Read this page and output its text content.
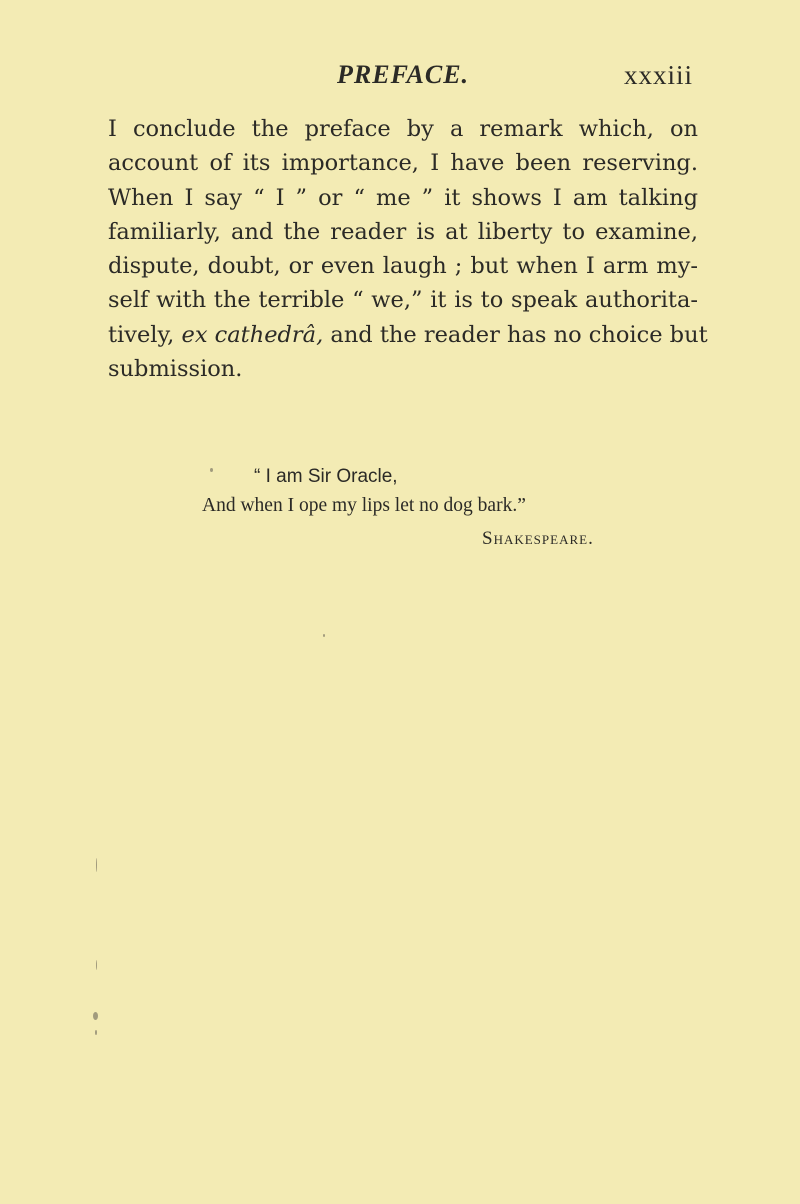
PREFACE.	xxxiii

I conclude the preface by a remark which, on
account of its importance, I have been reserving.
When I say “ I ” or “ me ” it shows I am talking
familiarly, and the reader is at liberty to examine,
dispute, doubt, or even laugh ; but when I arm my-
self with the terrible “ we,” it is to speak authorita-
tively, ex cathedrâ, and the reader has no choice but
submission.

“ I am Sir Oracle,
And when I ope my lips let no dog bark.”
Shakespeare.
